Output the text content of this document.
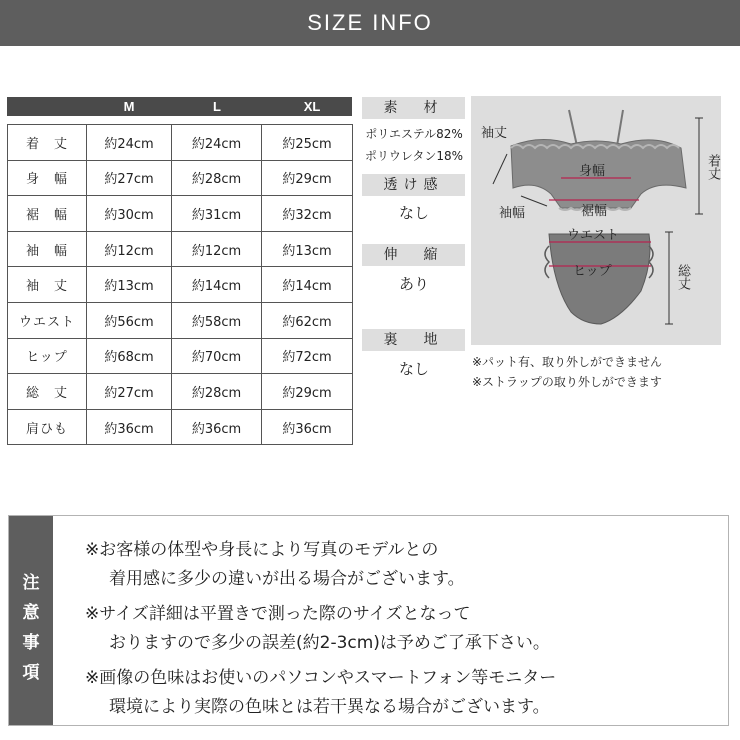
SIZE INFO
M	L	XL
着　丈	約24cm	約24cm	約25cm
身　幅	約27cm	約28cm	約29cm
裾　幅	約30cm	約31cm	約32cm
袖　幅	約12cm	約12cm	約13cm
袖　丈	約13cm	約14cm	約14cm
ウエスト	約56cm	約58cm	約62cm
ヒップ	約68cm	約70cm	約72cm
総　丈	約27cm	約28cm	約29cm
肩ひも	約36cm	約36cm	約36cm
素　材
ポリエステル82%
ポリウレタン18%
透け感
なし
伸　縮
あり
裏　地
なし
袖丈
身幅
袖幅	裾幅
ウエスト
ヒップ
着丈
総丈
※パット有、取り外しができません
※ストラップの取り外しができます
注
意
事
項
※お客様の体型や身長により写真のモデルとの
着用感に多少の違いが出る場合がございます。
※サイズ詳細は平置きで測った際のサイズとなって
おりますので多少の誤差(約2-3cm)は予めご了承下さい。
※画像の色味はお使いのパソコンやスマートフォン等モニター
環境により実際の色味とは若干異なる場合がございます。
